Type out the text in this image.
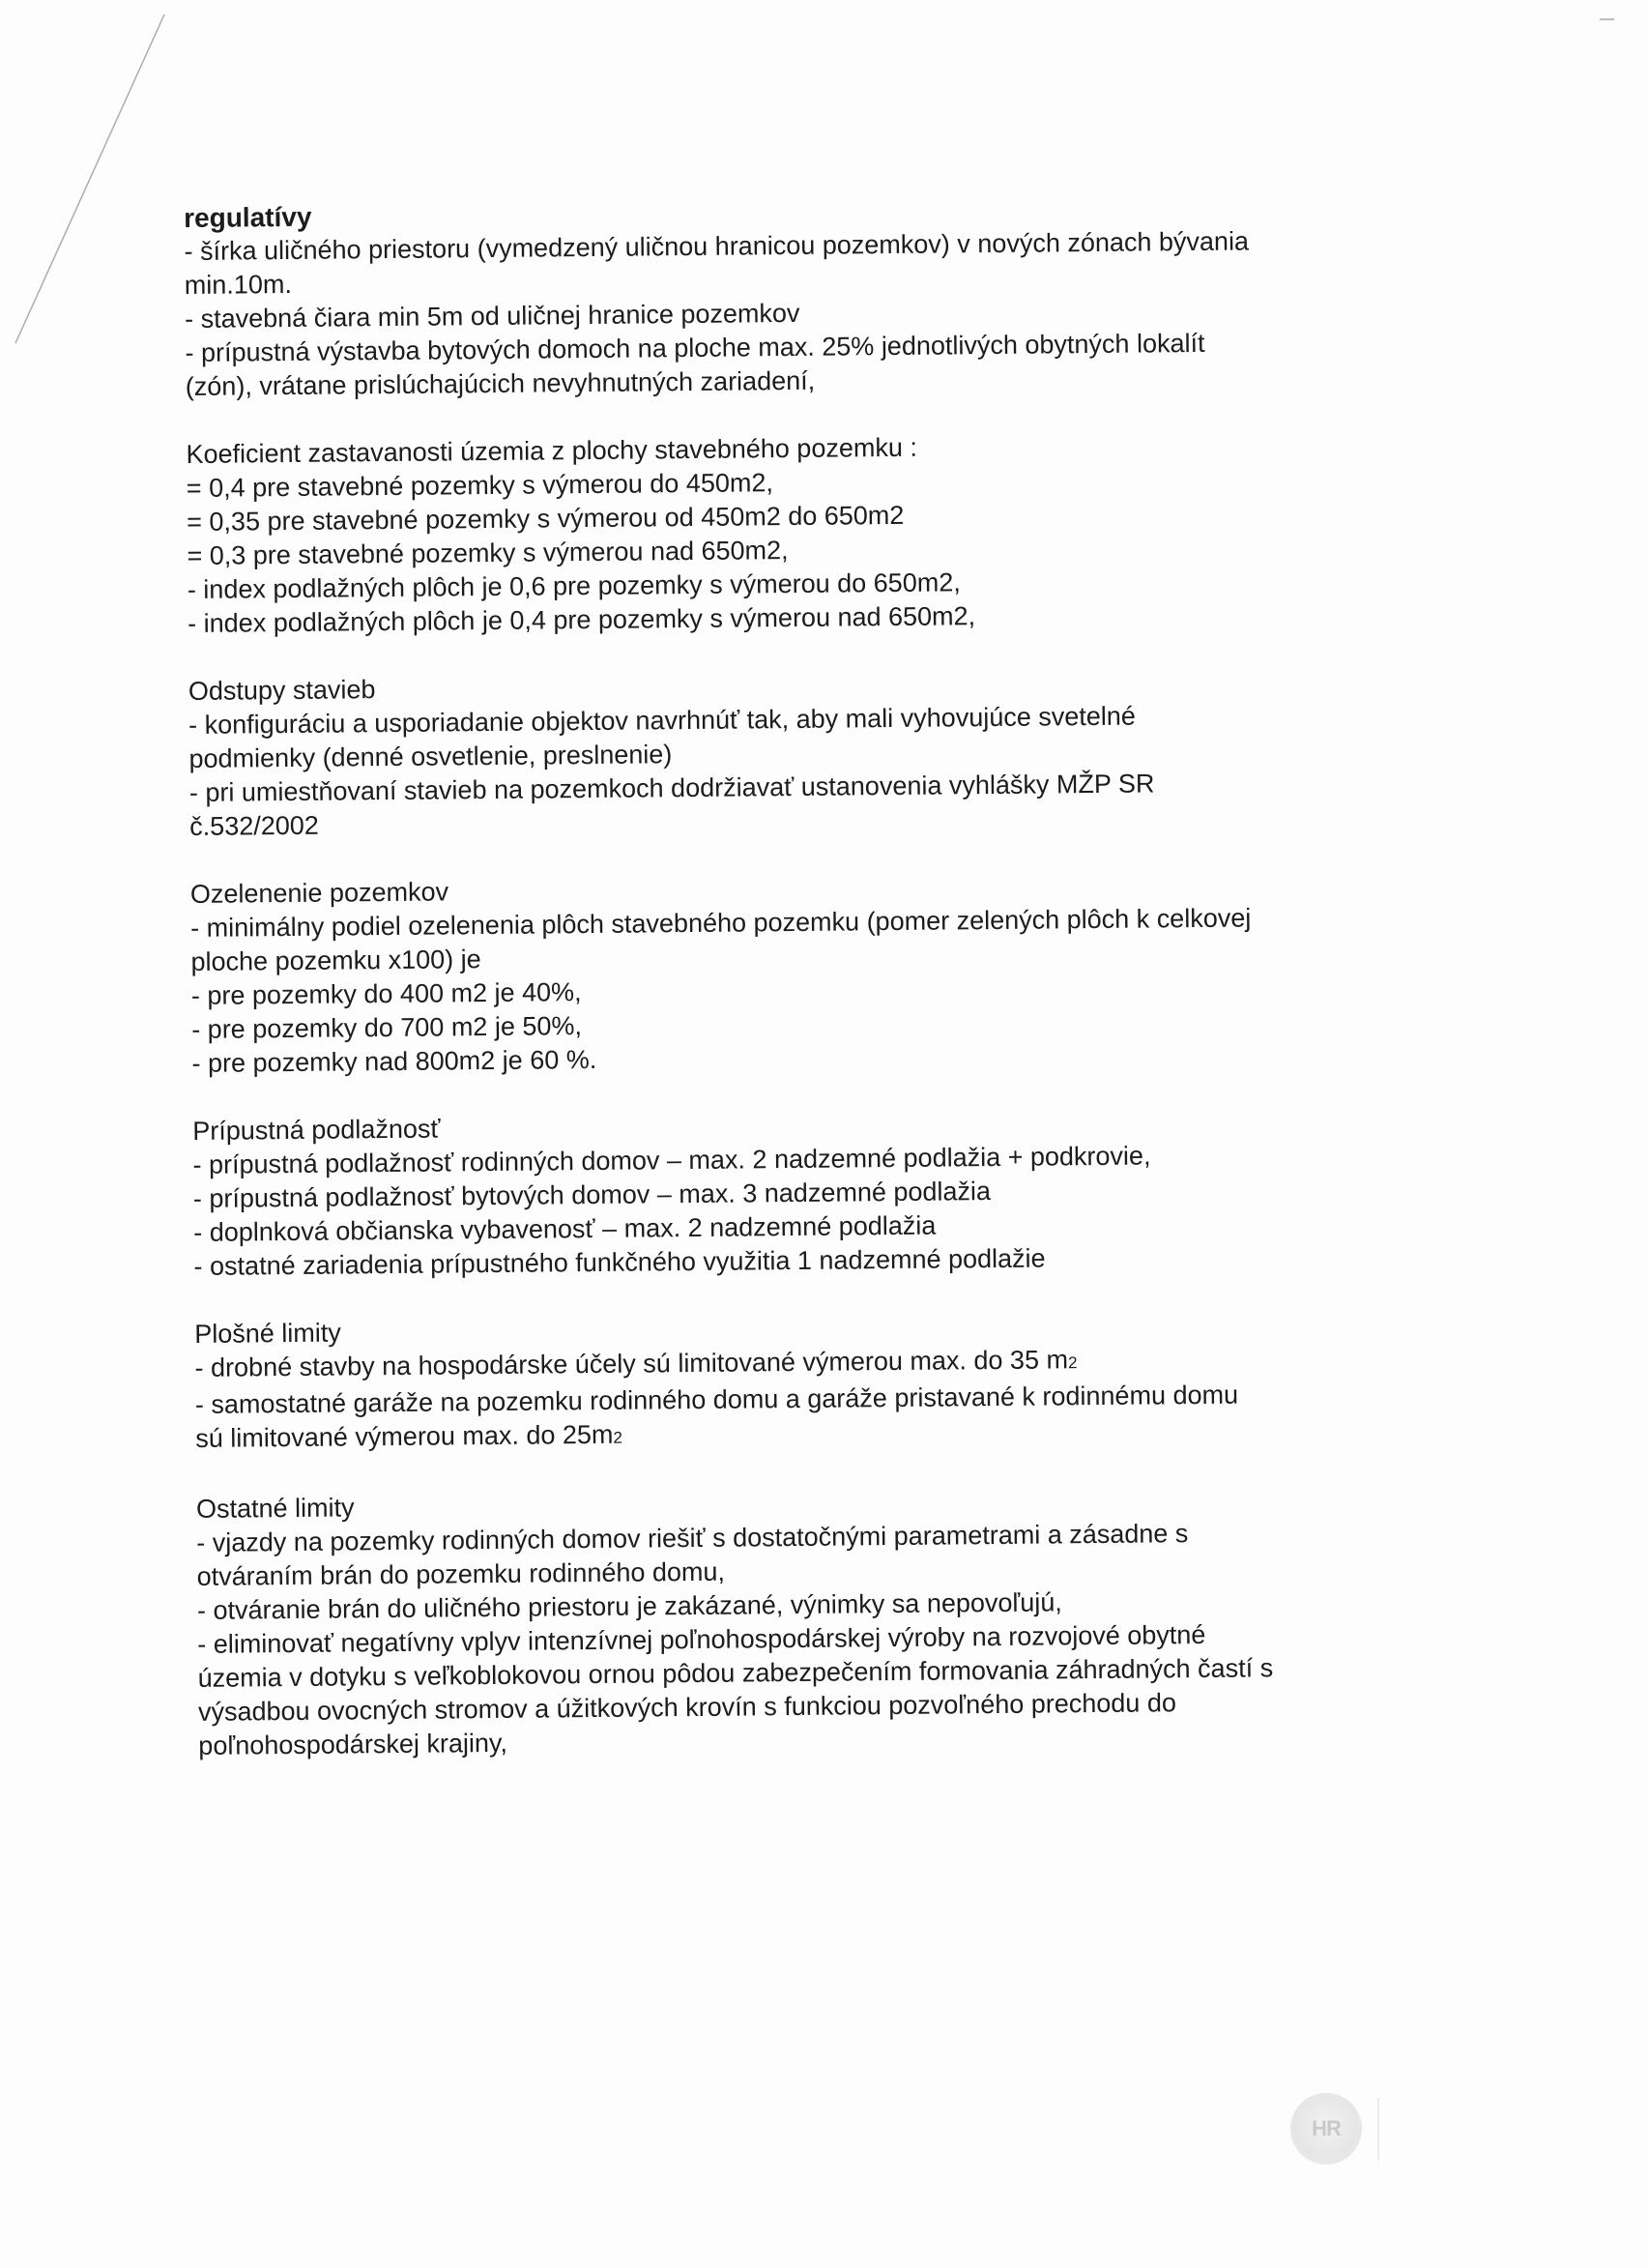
regulatívy
- šírka uličného priestoru (vymedzený uličnou hranicou pozemkov) v nových zónach bývania
min.10m.
- stavebná čiara min 5m od uličnej hranice pozemkov
- prípustná výstavba bytových domoch na ploche max. 25% jednotlivých obytných lokalít
(zón), vrátane prislúchajúcich nevyhnutných zariadení,
Koeficient zastavanosti územia z plochy stavebného pozemku :
= 0,4 pre stavebné pozemky s výmerou do 450m2,
= 0,35 pre stavebné pozemky s výmerou od 450m2 do 650m2
= 0,3 pre stavebné pozemky s výmerou nad 650m2,
- index podlažných plôch je 0,6 pre pozemky s výmerou do 650m2,
- index podlažných plôch je 0,4 pre pozemky s výmerou nad 650m2,
Odstupy stavieb
- konfiguráciu a usporiadanie objektov navrhnúť tak, aby mali vyhovujúce svetelné
podmienky (denné osvetlenie, preslnenie)
- pri umiestňovaní stavieb na pozemkoch dodržiavať ustanovenia vyhlášky MŽP SR
č.532/2002
Ozelenenie pozemkov
- minimálny podiel ozelenenia plôch stavebného pozemku (pomer zelených plôch k celkovej
ploche pozemku x100) je
- pre pozemky do 400 m2 je 40%,
- pre pozemky do 700 m2 je 50%,
- pre pozemky nad 800m2 je 60 %.
Prípustná podlažnosť
- prípustná podlažnosť rodinných domov – max. 2 nadzemné podlažia + podkrovie,
- prípustná podlažnosť bytových domov – max. 3 nadzemné podlažia
- doplnková občianska vybavenosť – max. 2 nadzemné podlažia
- ostatné zariadenia prípustného funkčného využitia 1 nadzemné podlažie
Plošné limity
- drobné stavby na hospodárske účely sú limitované výmerou max. do 35 m2
- samostatné garáže na pozemku rodinného domu a garáže pristavané k rodinnému domu
sú limitované výmerou max. do 25m2
Ostatné limity
- vjazdy na pozemky rodinných domov riešiť s dostatočnými parametrami a zásadne s
otváraním brán do pozemku rodinného domu,
- otváranie brán do uličného priestoru je zakázané, výnimky sa nepovoľujú,
- eliminovať negatívny vplyv intenzívnej poľnohospodárskej výroby na rozvojové obytné
územia v dotyku s veľkoblokovou ornou pôdou zabezpečením formovania záhradných častí s
výsadbou ovocných stromov a úžitkových krovín s funkciou pozvoľného prechodu do
poľnohospodárskej krajiny,
HR
